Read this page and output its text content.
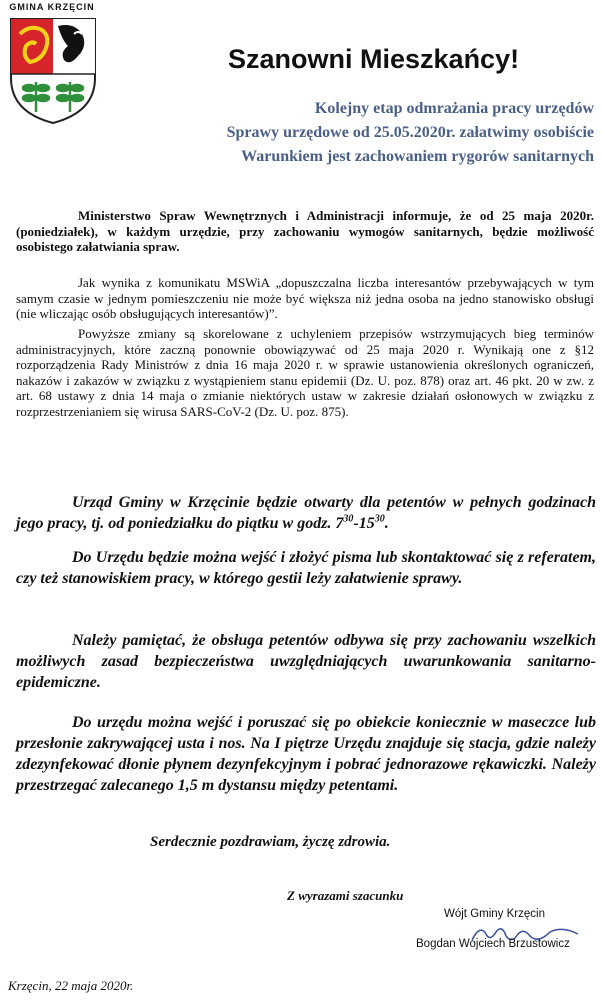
GMINA KRZĘCIN
Szanowni Mieszkańcy!
Kolejny etap odmrażania pracy urzędów
Sprawy urzędowe od 25.05.2020r. załatwimy osobiście
Warunkiem jest zachowaniem rygorów sanitarnych

Ministerstwo Spraw Wewnętrznych i Administracji informuje, że od 25 maja 2020r. (poniedziałek), w każdym urzędzie, przy zachowaniu wymogów sanitarnych, będzie możliwość osobistego załatwiania spraw.

Jak wynika z komunikatu MSWiA „dopuszczalna liczba interesantów przebywających w tym samym czasie w jednym pomieszczeniu nie może być większa niż jedna osoba na jedno stanowisko obsługi (nie wliczając osób obsługujących interesantów)”.

Powyższe zmiany są skorelowane z uchyleniem przepisów wstrzymujących bieg terminów administracyjnych, które zaczną ponownie obowiązywać od 25 maja 2020 r. Wynikają one z §12 rozporządzenia Rady Ministrów z dnia 16 maja 2020 r. w sprawie ustanowienia określonych ograniczeń, nakazów i zakazów w związku z wystąpieniem stanu epidemii (Dz. U. poz. 878) oraz art. 46 pkt. 20 w zw. z art. 68 ustawy z dnia 14 maja o zmianie niektórych ustaw w zakresie działań osłonowych w związku z rozprzestrzenianiem się wirusa SARS-CoV-2 (Dz. U. poz. 875).

Urząd Gminy w Krzęcinie będzie otwarty dla petentów w pełnych godzinach jego pracy, tj. od poniedziałku do piątku w godz. $7^{30}-15^{30}$.

Do Urzędu będzie można wejść i złożyć pisma lub skontaktować się z referatem, czy też stanowiskiem pracy, w którego gestii leży załatwienie sprawy.

Należy pamiętać, że obsługa petentów odbywa się przy zachowaniu wszelkich możliwych zasad bezpieczeństwa uwzględniających uwarunkowania sanitarno-epidemiczne.

Do urzędu można wejść i poruszać się po obiekcie koniecznie w maseczce lub przesłonie zakrywającej usta i nos. Na I piętrze Urzędu znajduje się stacja, gdzie należy zdezynfekować dłonie płynem dezynfekcyjnym i pobrać jednorazowe rękawiczki. Należy przestrzegać zalecanego 1,5 m dystansu między petentami.

Serdecznie pozdrawiam, życzę zdrowia.
Z wyrazami szacunku
Wójt Gminy Krzęcin
Bogdan Wojciech Brzustowicz
Krzęcin, 22 maja 2020r.
